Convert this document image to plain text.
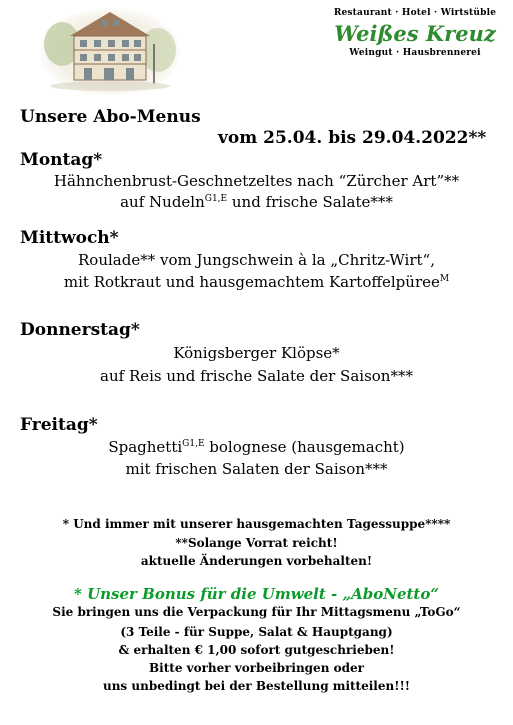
Restaurant · Hotel · Wirtstüble
Weißes Kreuz
Weingut · Hausbrennerei
Unsere Abo-Menus
vom 25.04. bis 29.04.2022**
Montag*
Hähnchenbrust-Geschnetzeltes nach “Zürcher Art”**
auf Nudeln$^{G1,E}$ und frische Salate***
Mittwoch*
Roulade** vom Jungschwein à la „Chritz-Wirt“,
mit Rotkraut und hausgemachtem Kartoffelpüree$^M$
Donnerstag*
Königsberger Klöpse*
auf Reis und frische Salate der Saison***
Freitag*
Spaghetti$^{G1,E}$ bolognese (hausgemacht)
mit frischen Salaten der Saison***
* Und immer mit unserer hausgemachten Tagessuppe****
**Solange Vorrat reicht!
aktuelle Änderungen vorbehalten!
* Unser Bonus für die Umwelt - „AboNetto“
Sie bringen uns die Verpackung für Ihr Mittagsmenu „ToGo“
(3 Teile - für Suppe, Salat & Hauptgang)
& erhalten € 1,00 sofort gutgeschrieben!
Bitte vorher vorbeibringen oder
uns unbedingt bei der Bestellung mitteilen!!!
